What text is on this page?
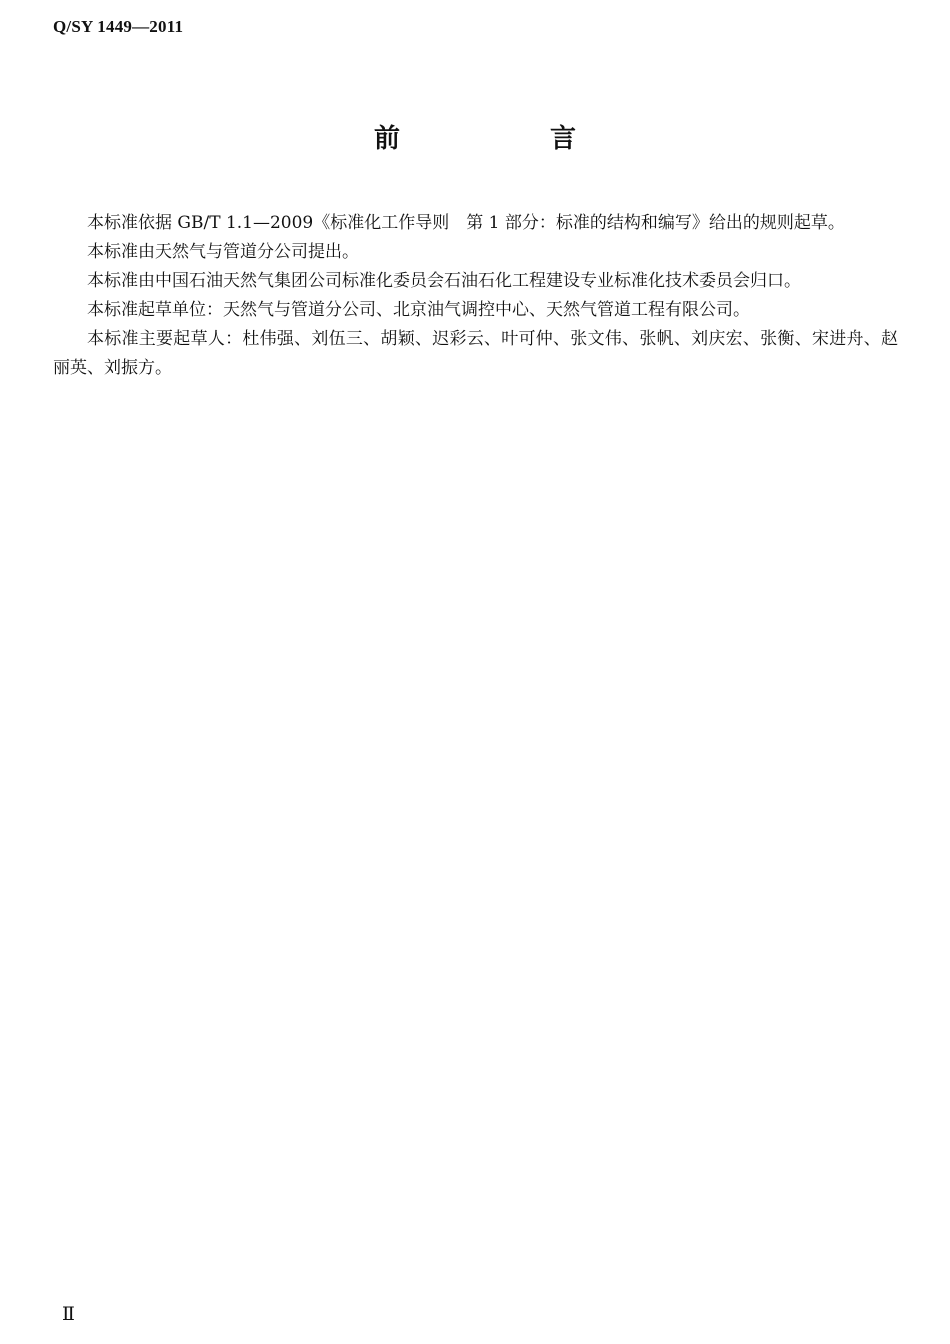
Q/SY 1449—2011
前　言

本标准依据 GB/T 1.1—2009《标准化工作导则　第 1 部分：标准的结构和编写》给出的规则起草。

本标准由天然气与管道分公司提出。

本标准由中国石油天然气集团公司标准化委员会石油石化工程建设专业标准化技术委员会归口。

本标准起草单位：天然气与管道分公司、北京油气调控中心、天然气管道工程有限公司。

本标准主要起草人：杜伟强、刘伍三、胡颖、迟彩云、叶可仲、张文伟、张帆、刘庆宏、张衡、宋进舟、赵丽英、刘振方。

Ⅱ
